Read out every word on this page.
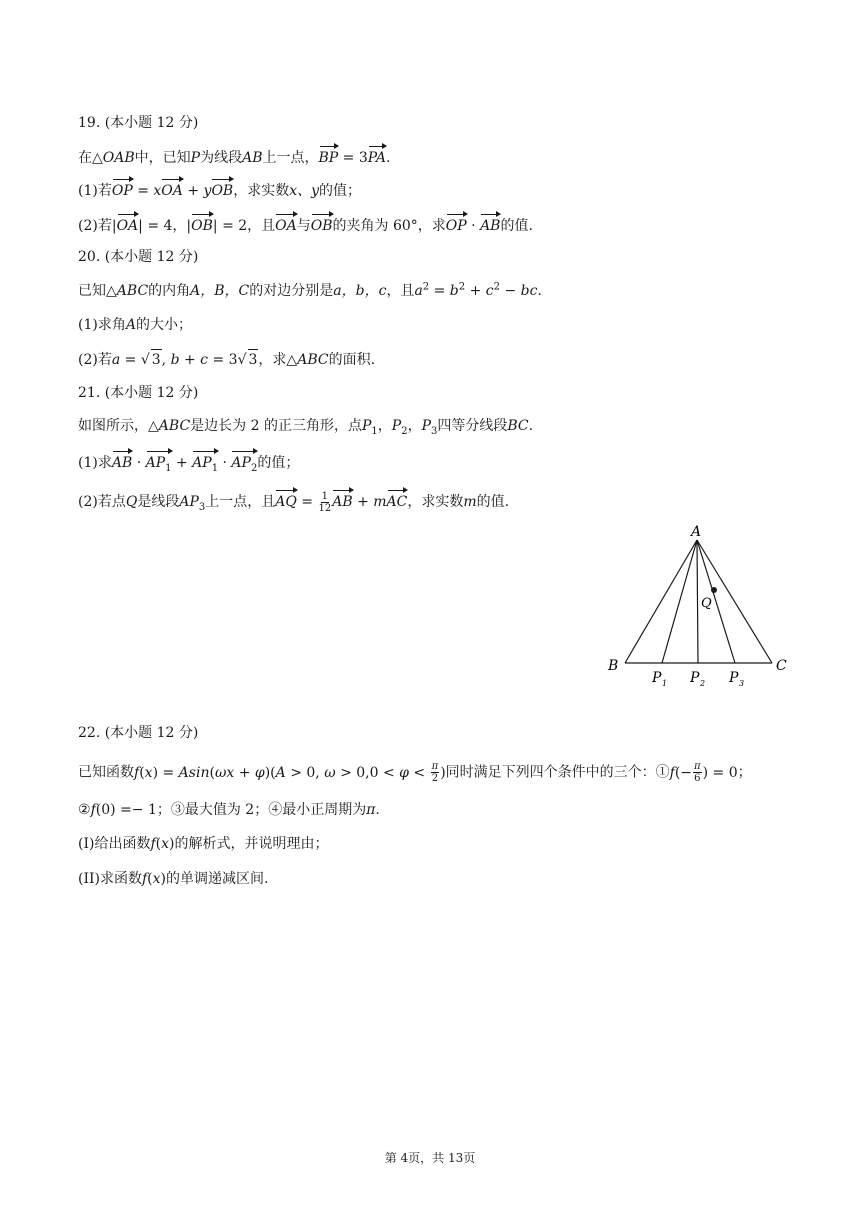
19. (本小题 12 分)
在△OAB中，已知P为线段AB上一点，BP = 3PA.
(1)若OP = xOA + yOB，求实数x、y的值；
(2)若|OA| = 4，|OB| = 2，且OA与OB的夹角为 60°，求OP · AB的值.
20. (本小题 12 分)
已知△ABC的内角A，B，C的对边分别是a，b，c，且$a^2 = b^2 + c^2$ − bc.
(1)求角A的大小；
(2)若a = √ 3, b + c = 3√ 3，求△ABC的面积.
21. (本小题 12 分)
如图所示，△ABC是边长为 2 的正三角形，点$P_1$，$P_2$，$P_3$四等分线段BC.
(1)求AB · $AP_1 + AP_1 \cdot AP_2$的值；
(2)若点Q是线段$AP_3$上一点，且AQ = $\frac{1}{12}$ AB + mAC，求实数m的值.
A
B	C
Q
P 1 P 2 P 3
22. (本小题 12 分)
已知函数f(x) = Asin(ωx + φ)(A > 0, $\omega > 0,0 < \varphi < \frac{\pi}{2}$ )同时满足下列四个条件中的三个：①f(− $\frac{\pi}{6}$ ) = 0；
②f(0) =− 1；③最大值为 2；④最小正周期为π.
(I)给出函数f(x)的解析式，并说明理由；
(II)求函数f(x)的单调递减区间.
第 4页，共 13页
